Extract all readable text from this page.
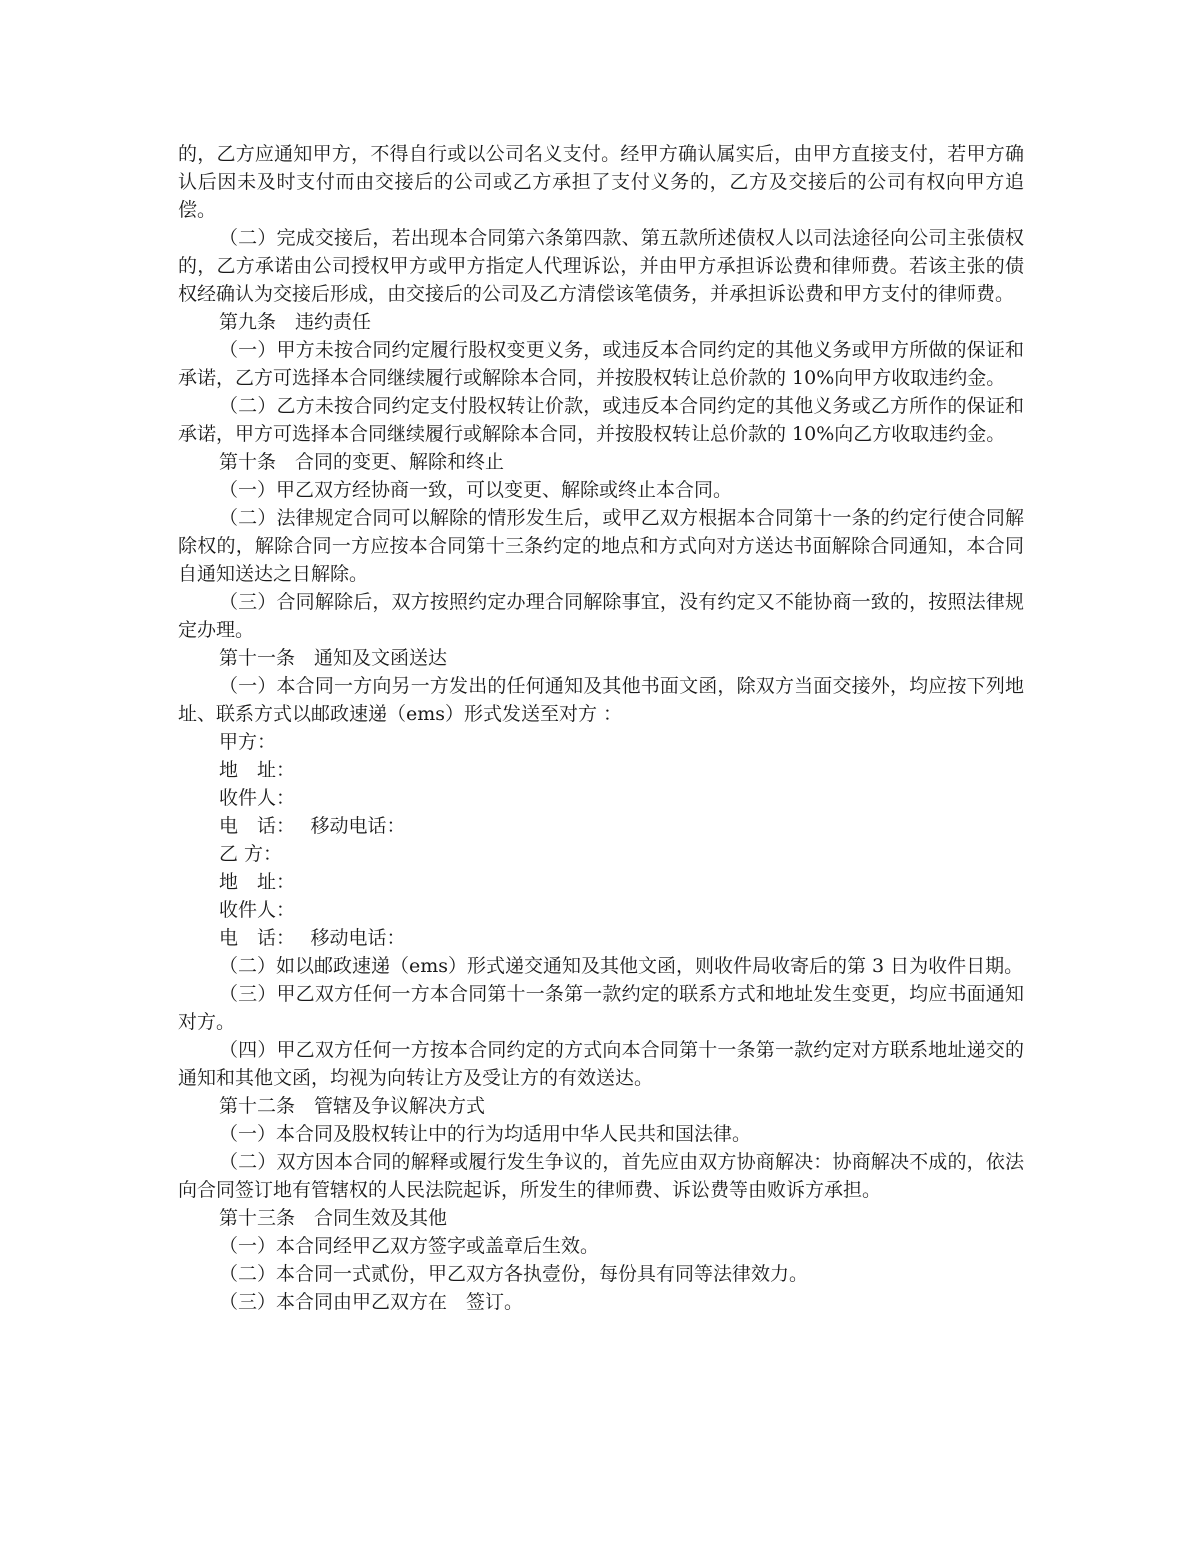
的，乙方应通知甲方，不得自行或以公司名义支付。经甲方确认属实后，由甲方直接支付，若甲方确认后因未及时支付而由交接后的公司或乙方承担了支付义务的，乙方及交接后的公司有权向甲方追偿。

（二）完成交接后，若出现本合同第六条第四款、第五款所述债权人以司法途径向公司主张债权的，乙方承诺由公司授权甲方或甲方指定人代理诉讼，并由甲方承担诉讼费和律师费。若该主张的债权经确认为交接后形成，由交接后的公司及乙方清偿该笔债务，并承担诉讼费和甲方支付的律师费。

第九条　违约责任

（一）甲方未按合同约定履行股权变更义务，或违反本合同约定的其他义务或甲方所做的保证和承诺，乙方可选择本合同继续履行或解除本合同，并按股权转让总价款的 10%向甲方收取违约金。

（二）乙方未按合同约定支付股权转让价款，或违反本合同约定的其他义务或乙方所作的保证和承诺，甲方可选择本合同继续履行或解除本合同，并按股权转让总价款的 10%向乙方收取违约金。

第十条　合同的变更、解除和终止

（一）甲乙双方经协商一致，可以变更、解除或终止本合同。

（二）法律规定合同可以解除的情形发生后，或甲乙双方根据本合同第十一条的约定行使合同解除权的，解除合同一方应按本合同第十三条约定的地点和方式向对方送达书面解除合同通知，本合同自通知送达之日解除。

（三）合同解除后，双方按照约定办理合同解除事宜，没有约定又不能协商一致的，按照法律规定办理。

第十一条　通知及文函送达

（一）本合同一方向另一方发出的任何通知及其他书面文函，除双方当面交接外，均应按下列地址、联系方式以邮政速递（ems）形式发送至对方 ：

甲方：

地　址：

收件人：

电　话：　 移动电话：

乙 方：

地　址：

收件人：

电　话：　 移动电话：

（二）如以邮政速递（ems）形式递交通知及其他文函，则收件局收寄后的第 3 日为收件日期。

（三）甲乙双方任何一方本合同第十一条第一款约定的联系方式和地址发生变更，均应书面通知对方。

（四）甲乙双方任何一方按本合同约定的方式向本合同第十一条第一款约定对方联系地址递交的通知和其他文函，均视为向转让方及受让方的有效送达。

第十二条　管辖及争议解决方式

（一）本合同及股权转让中的行为均适用中华人民共和国法律。

（二）双方因本合同的解释或履行发生争议的，首先应由双方协商解决：协商解决不成的，依法向合同签订地有管辖权的人民法院起诉，所发生的律师费、诉讼费等由败诉方承担。

第十三条　合同生效及其他

（一）本合同经甲乙双方签字或盖章后生效。

（二）本合同一式贰份，甲乙双方各执壹份，每份具有同等法律效力。

（三）本合同由甲乙双方在　签订。
